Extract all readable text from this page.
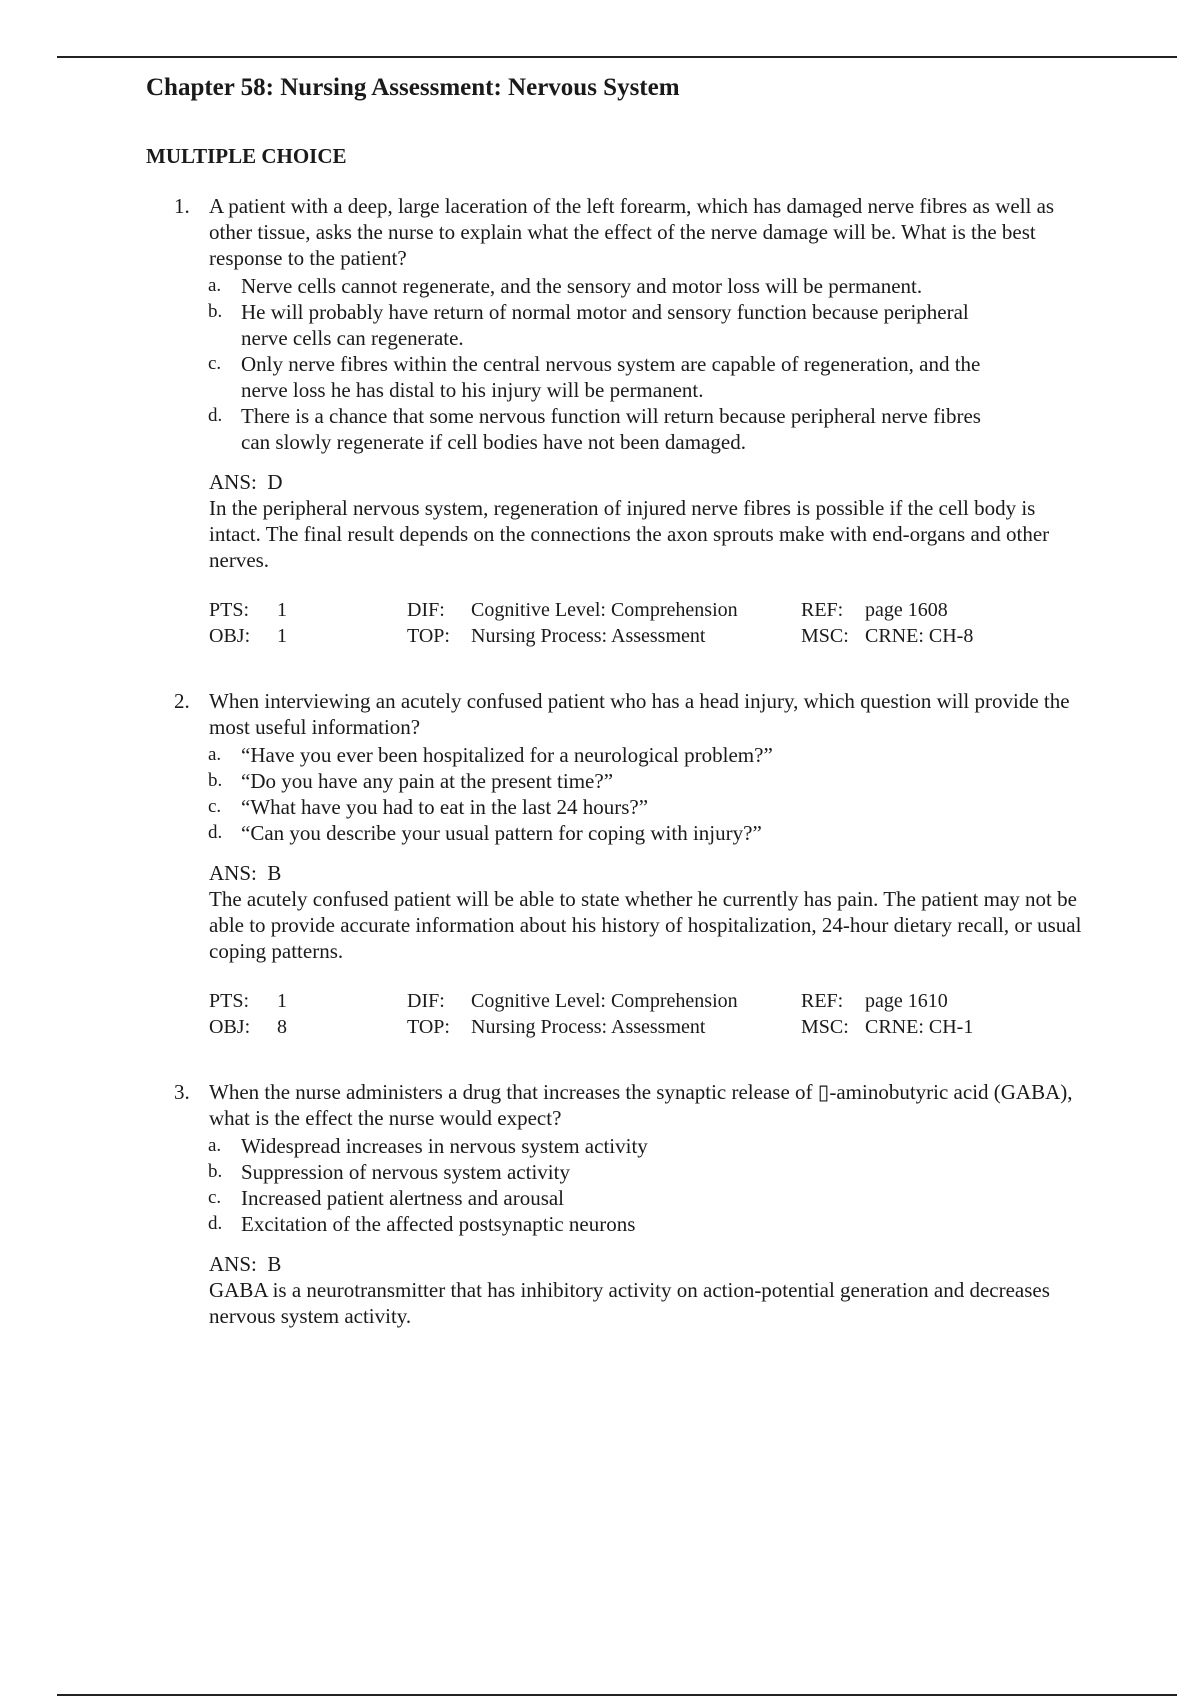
Chapter 58: Nursing Assessment: Nervous System
MULTIPLE CHOICE
1. A patient with a deep, large laceration of the left forearm, which has damaged nerve fibres as well as other tissue, asks the nurse to explain what the effect of the nerve damage will be. What is the best response to the patient?
a. Nerve cells cannot regenerate, and the sensory and motor loss will be permanent.
b. He will probably have return of normal motor and sensory function because peripheral nerve cells can regenerate.
c. Only nerve fibres within the central nervous system are capable of regeneration, and the nerve loss he has distal to his injury will be permanent.
d. There is a chance that some nervous function will return because peripheral nerve fibres can slowly regenerate if cell bodies have not been damaged.

ANS: D

In the peripheral nervous system, regeneration of injured nerve fibres is possible if the cell body is intact. The final result depends on the connections the axon sprouts make with end-organs and other nerves.

PTS:	1	DIF:	Cognitive Level: Comprehension	REF:	page 1608
OBJ:	1	TOP:	Nursing Process: Assessment	MSC:	CRNE: CH-8
2. When interviewing an acutely confused patient who has a head injury, which question will provide the most useful information?
a. “Have you ever been hospitalized for a neurological problem?”
b. “Do you have any pain at the present time?”
c. “What have you had to eat in the last 24 hours?”
d. “Can you describe your usual pattern for coping with injury?”

ANS: B

The acutely confused patient will be able to state whether he currently has pain. The patient may not be able to provide accurate information about his history of hospitalization, 24-hour dietary recall, or usual coping patterns.

PTS:	1	DIF:	Cognitive Level: Comprehension	REF:	page 1610
OBJ:	8	TOP:	Nursing Process: Assessment	MSC:	CRNE: CH-1
3. When the nurse administers a drug that increases the synaptic release of ▯-aminobutyric acid (GABA), what is the effect the nurse would expect?
a. Widespread increases in nervous system activity
b. Suppression of nervous system activity
c. Increased patient alertness and arousal
d. Excitation of the affected postsynaptic neurons

ANS: B

GABA is a neurotransmitter that has inhibitory activity on action-potential generation and decreases nervous system activity.
